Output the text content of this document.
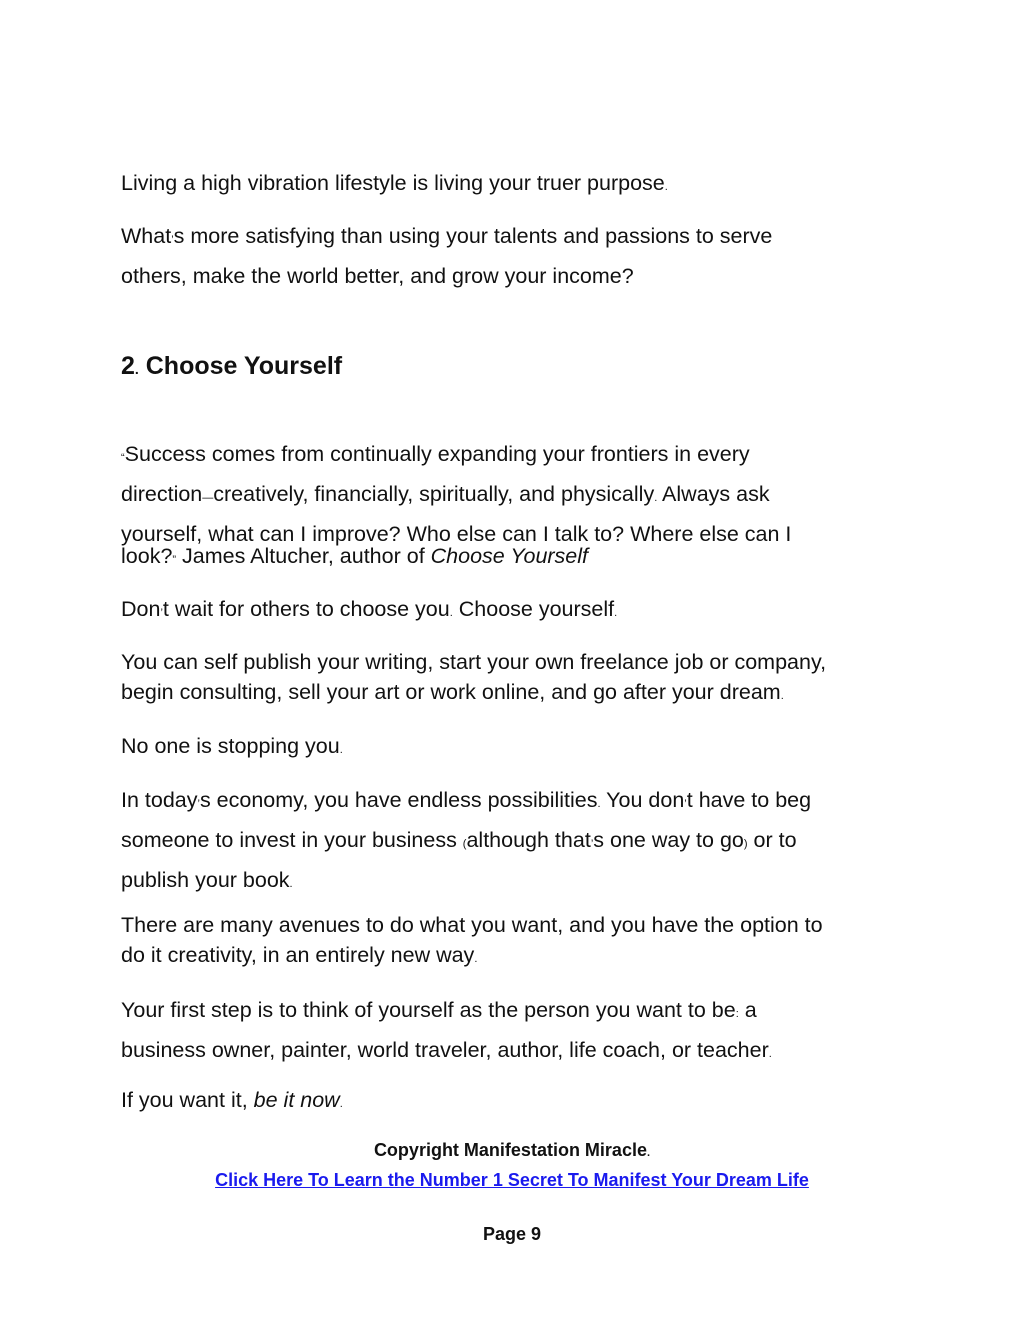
Living a high vibration lifestyle is living your truer purpose.

What’s more satisfying than using your talents and passions to serve
others, make the world better, and grow your income?

2. Choose Yourself

“Success comes from continually expanding your frontiers in every
direction—creatively, financially, spiritually, and physically. Always ask
yourself, what can I improve? Who else can I talk to? Where else can I

look?” James Altucher, author of Choose Yourself

Don’t wait for others to choose you. Choose yourself.

You can self publish your writing, start your own freelance job or company,
begin consulting, sell your art or work online, and go after your dream.

No one is stopping you.

In today’s economy, you have endless possibilities. You don’t have to beg
someone to invest in your business (although that’s one way to go) or to
publish your book.

There are many avenues to do what you want, and you have the option to
do it creativity, in an entirely new way.

Your first step is to think of yourself as the person you want to be: a
business owner, painter, world traveler, author, life coach, or teacher.

If you want it, be it now.

Copyright Manifestation Miracle.
Click Here To Learn the Number 1 Secret To Manifest Your Dream Life
Page 9
